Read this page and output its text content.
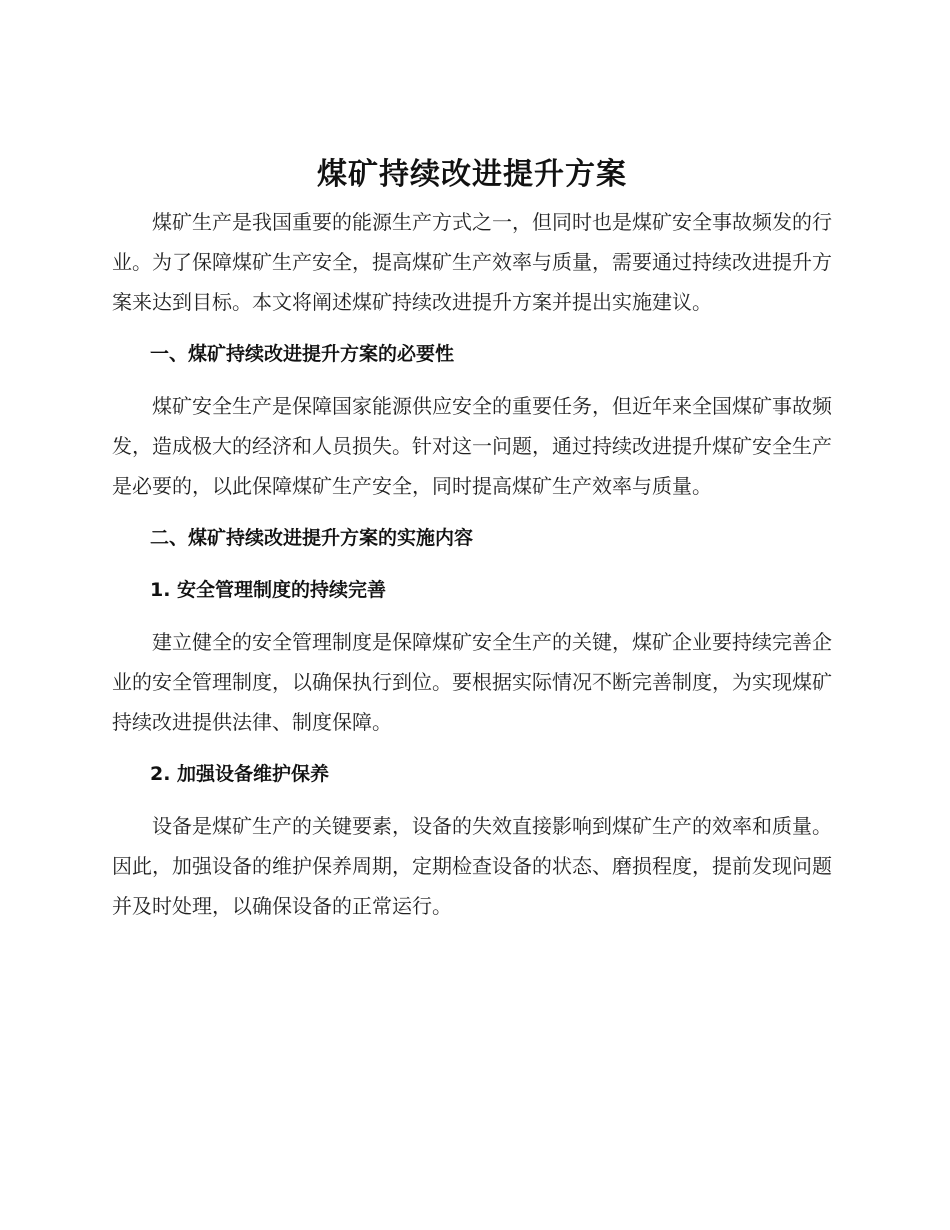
煤矿持续改进提升方案

煤矿生产是我国重要的能源生产方式之一，但同时也是煤矿安全事故频发的行业。为了保障煤矿生产安全，提高煤矿生产效率与质量，需要通过持续改进提升方案来达到目标。本文将阐述煤矿持续改进提升方案并提出实施建议。

一、煤矿持续改进提升方案的必要性

煤矿安全生产是保障国家能源供应安全的重要任务，但近年来全国煤矿事故频发，造成极大的经济和人员损失。针对这一问题，通过持续改进提升煤矿安全生产是必要的，以此保障煤矿生产安全，同时提高煤矿生产效率与质量。

二、煤矿持续改进提升方案的实施内容
1. 安全管理制度的持续完善

建立健全的安全管理制度是保障煤矿安全生产的关键，煤矿企业要持续完善企业的安全管理制度，以确保执行到位。要根据实际情况不断完善制度，为实现煤矿持续改进提供法律、制度保障。

2. 加强设备维护保养

设备是煤矿生产的关键要素，设备的失效直接影响到煤矿生产的效率和质量。因此，加强设备的维护保养周期，定期检查设备的状态、磨损程度，提前发现问题并及时处理，以确保设备的正常运行。
